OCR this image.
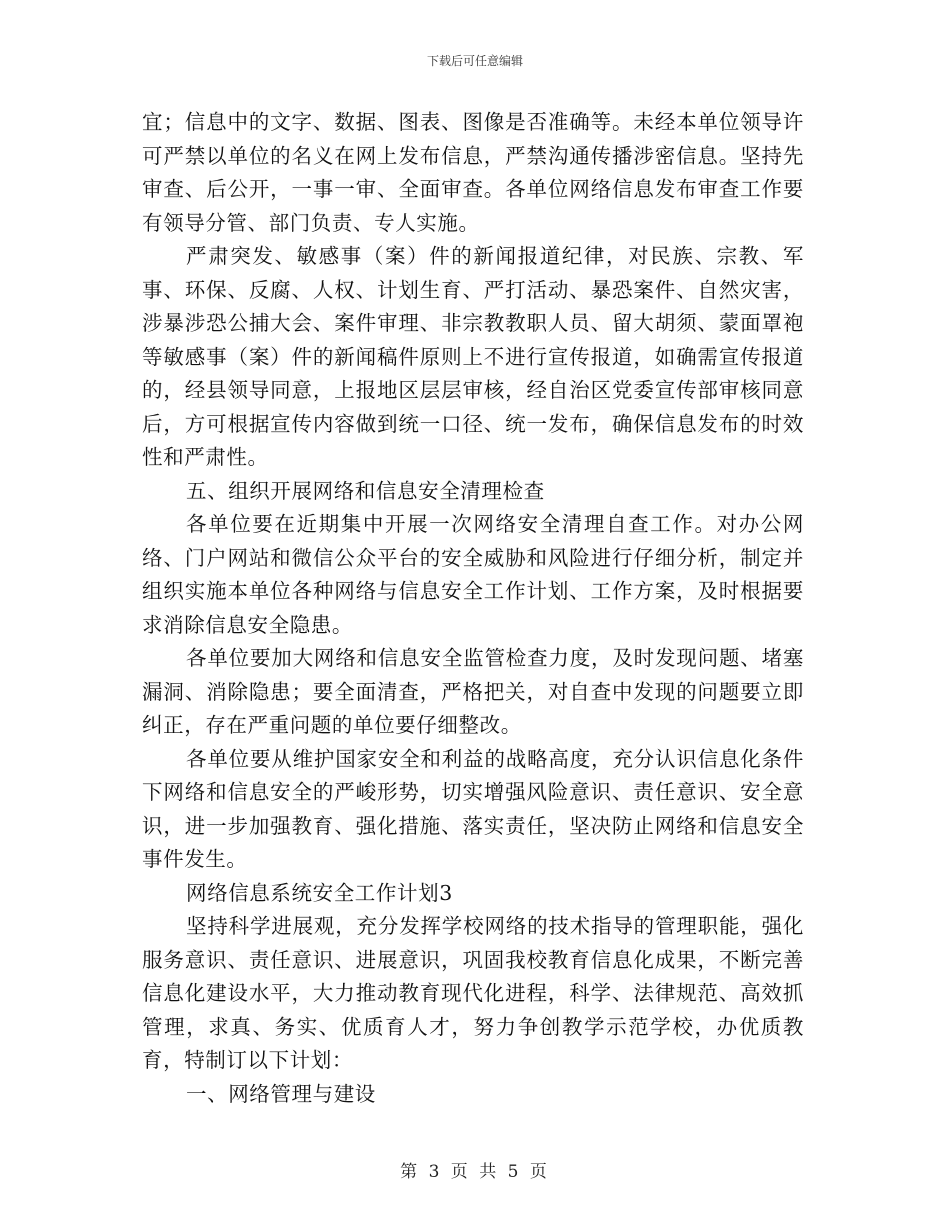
下载后可任意编辑

宜；信息中的文字、数据、图表、图像是否准确等。未经本单位领导许可严禁以单位的名义在网上发布信息，严禁沟通传播涉密信息。坚持先审查、后公开，一事一审、全面审查。各单位网络信息发布审查工作要有领导分管、部门负责、专人实施。

严肃突发、敏感事（案）件的新闻报道纪律，对民族、宗教、军事、环保、反腐、人权、计划生育、严打活动、暴恐案件、自然灾害，涉暴涉恐公捕大会、案件审理、非宗教教职人员、留大胡须、蒙面罩袍等敏感事（案）件的新闻稿件原则上不进行宣传报道，如确需宣传报道的，经县领导同意，上报地区层层审核，经自治区党委宣传部审核同意后，方可根据宣传内容做到统一口径、统一发布，确保信息发布的时效性和严肃性。

五、组织开展网络和信息安全清理检查

各单位要在近期集中开展一次网络安全清理自查工作。对办公网络、门户网站和微信公众平台的安全威胁和风险进行仔细分析，制定并组织实施本单位各种网络与信息安全工作计划、工作方案，及时根据要求消除信息安全隐患。

各单位要加大网络和信息安全监管检查力度，及时发现问题、堵塞漏洞、消除隐患；要全面清查，严格把关，对自查中发现的问题要立即纠正，存在严重问题的单位要仔细整改。

各单位要从维护国家安全和利益的战略高度，充分认识信息化条件下网络和信息安全的严峻形势，切实增强风险意识、责任意识、安全意识，进一步加强教育、强化措施、落实责任，坚决防止网络和信息安全事件发生。

网络信息系统安全工作计划3

坚持科学进展观，充分发挥学校网络的技术指导的管理职能，强化服务意识、责任意识、进展意识，巩固我校教育信息化成果，不断完善信息化建设水平，大力推动教育现代化进程，科学、法律规范、高效抓管理，求真、务实、优质育人才，努力争创教学示范学校，办优质教育，特制订以下计划：

一、网络管理与建设

第 3 页 共 5 页
